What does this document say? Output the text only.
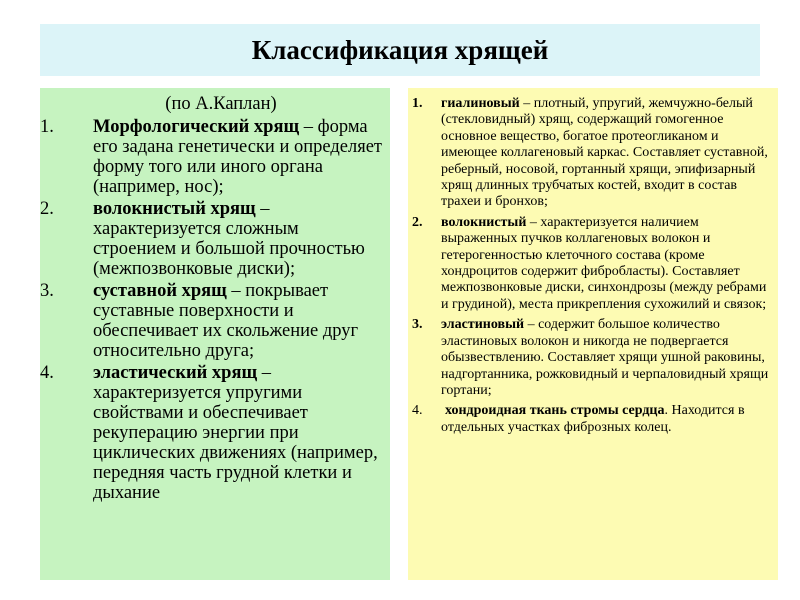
Классификация хрящей
(по А.Каплан)
1.	Морфологический хрящ – форма его задана генетически и определяет форму того или иного органа (например, нос);
2.	волокнистый хрящ – характеризуется сложным строением и большой прочностью (межпозвонковые диски);
3.	суставной хрящ – покрывает суставные поверхности и обеспечивает их скольжение друг относительно друга;
4.	эластический хрящ – характеризуется упругими свойствами и обеспечивает рекуперацию энергии при циклических движениях (например, передняя часть грудной клетки и дыхание
1.	гиалиновый – плотный, упругий, жемчужно-белый (стекловидный) хрящ, содержащий гомогенное основное вещество, богатое протеогликаном и имеющее коллагеновый каркас. Составляет суставной, реберный, носовой, гортанный хрящи, эпифизарный хрящ длинных трубчатых костей, входит в состав трахеи и бронхов;
2.	волокнистый – характеризуется наличием выраженных пучков коллагеновых волокон и гетерогенностью клеточного состава (кроме хондроцитов содержит фибробласты). Составляет межпозвонковые диски, синхондрозы (между ребрами и грудиной), места прикрепления сухожилий и связок;
3.	эластиновый – содержит большое количество эластиновых волокон и никогда не подвергается обызвествлению. Составляет хрящи ушной раковины, надгортанника, рожковидный и черпаловидный хрящи гортани;
4.	хондроидная ткань стромы сердца. Находится в отдельных участках фиброзных колец.
